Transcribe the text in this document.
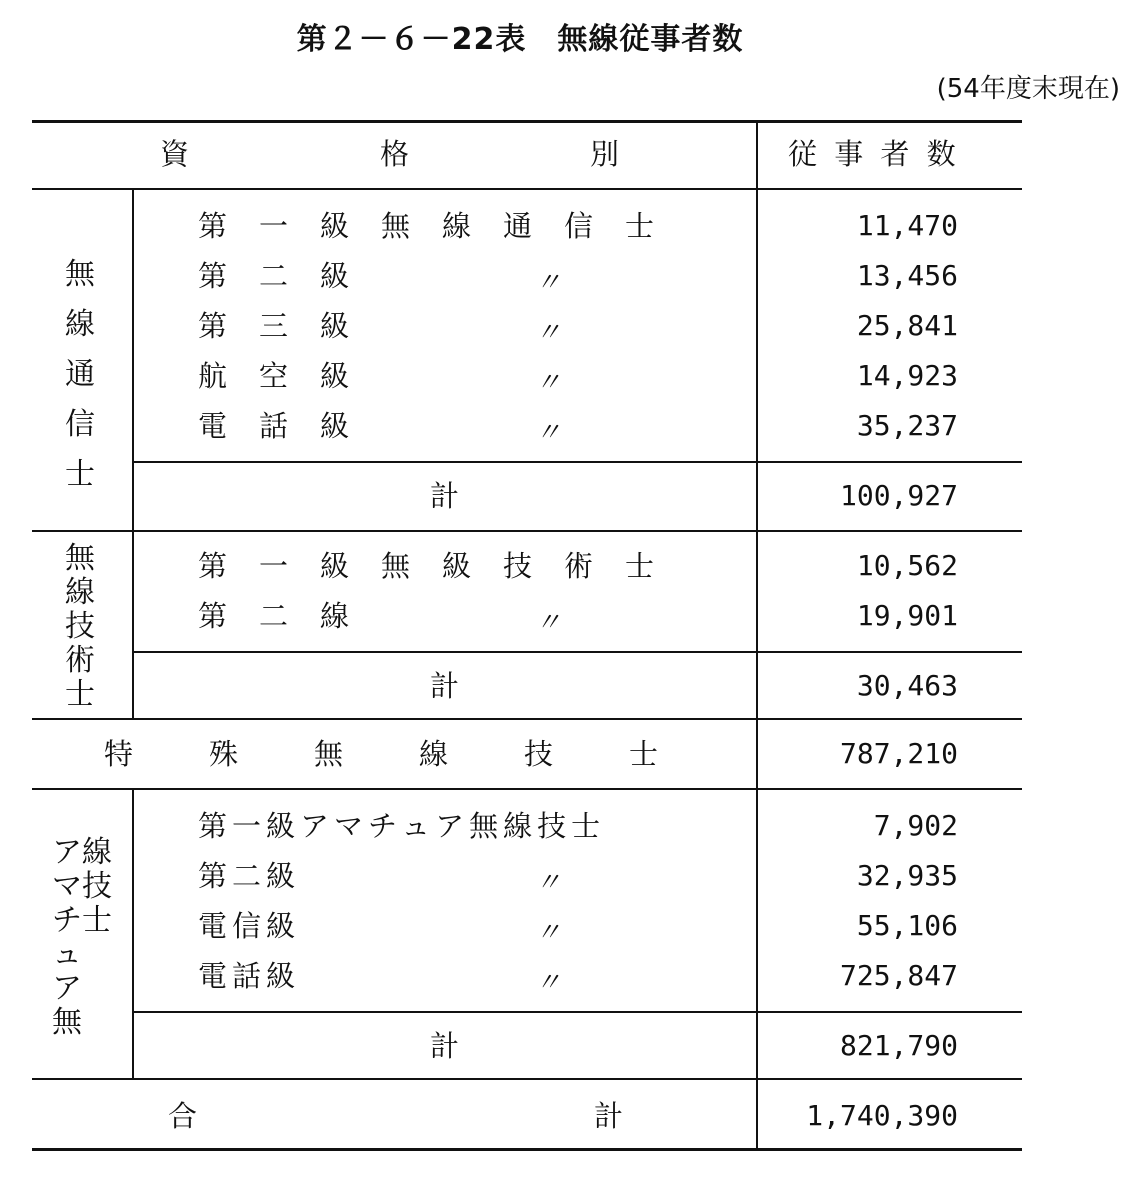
第２－６－22表　無線従事者数
(54年度末現在)
資	格	別	従 事 者 数
無線通信士
第一級無線通信士	11,470
第二級	〃	13,456
第三級	〃	25,841
航空級	〃	14,923
電話級	〃	35,237
計	100,927
無線技術士
第一級無級技術士	10,562
第二線	〃	19,901
計	30,463
特殊無線技士	787,210
アマチュア無
線技士
第一級アマチュア無線技士	7,902
第二級	〃	32,935
電信級	〃	55,106
電話級	〃	725,847
計	821,790
合	計	1,740,390
